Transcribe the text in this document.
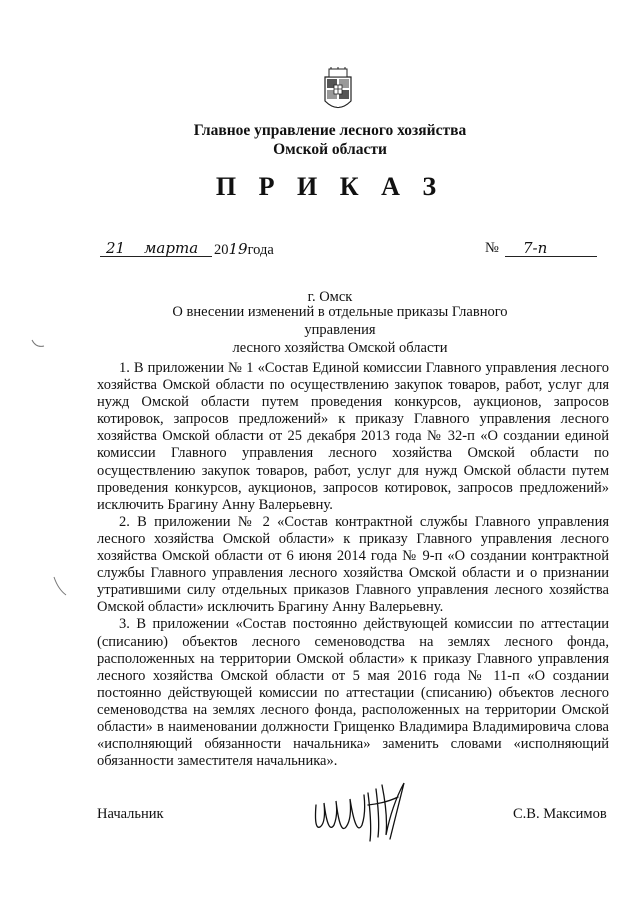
Главное управление лесного хозяйства
Омской области
П Р И К А З
21 марта 2019года	№ 7-п
г. Омск
О внесении изменений в отдельные приказы Главного управления
лесного хозяйства Омской области

1. В приложении № 1 «Состав Единой комиссии Главного управления лесного хозяйства Омской области по осуществлению закупок товаров, работ, услуг для нужд Омской области путем проведения конкурсов, аукционов, запросов котировок, запросов предложений» к приказу Главного управления лесного хозяйства Омской области от 25 декабря 2013 года № 32-п «О создании единой комиссии Главного управления лесного хозяйства Омской области по осуществлению закупок товаров, работ, услуг для нужд Омской области путем проведения конкурсов, аукционов, запросов котировок, запросов предложений» исключить Брагину Анну Валерьевну.

2. В приложении № 2 «Состав контрактной службы Главного управления лесного хозяйства Омской области» к приказу Главного управления лесного хозяйства Омской области от 6 июня 2014 года № 9-п «О создании контрактной службы Главного управления лесного хозяйства Омской области и о признании утратившими силу отдельных приказов Главного управления лесного хозяйства Омской области» исключить Брагину Анну Валерьевну.

3. В приложении «Состав постоянно действующей комиссии по аттестации (списанию) объектов лесного семеноводства на землях лесного фонда, расположенных на территории Омской области» к приказу Главного управления лесного хозяйства Омской области от 5 мая 2016 года № 11-п «О создании постоянно действующей комиссии по аттестации (списанию) объектов лесного семеноводства на землях лесного фонда, расположенных на территории Омской области» в наименовании должности Грищенко Владимира Владимировича слова «исполняющий обязанности начальника» заменить словами «исполняющий обязанности заместителя начальника».

Начальник	С.В. Максимов
